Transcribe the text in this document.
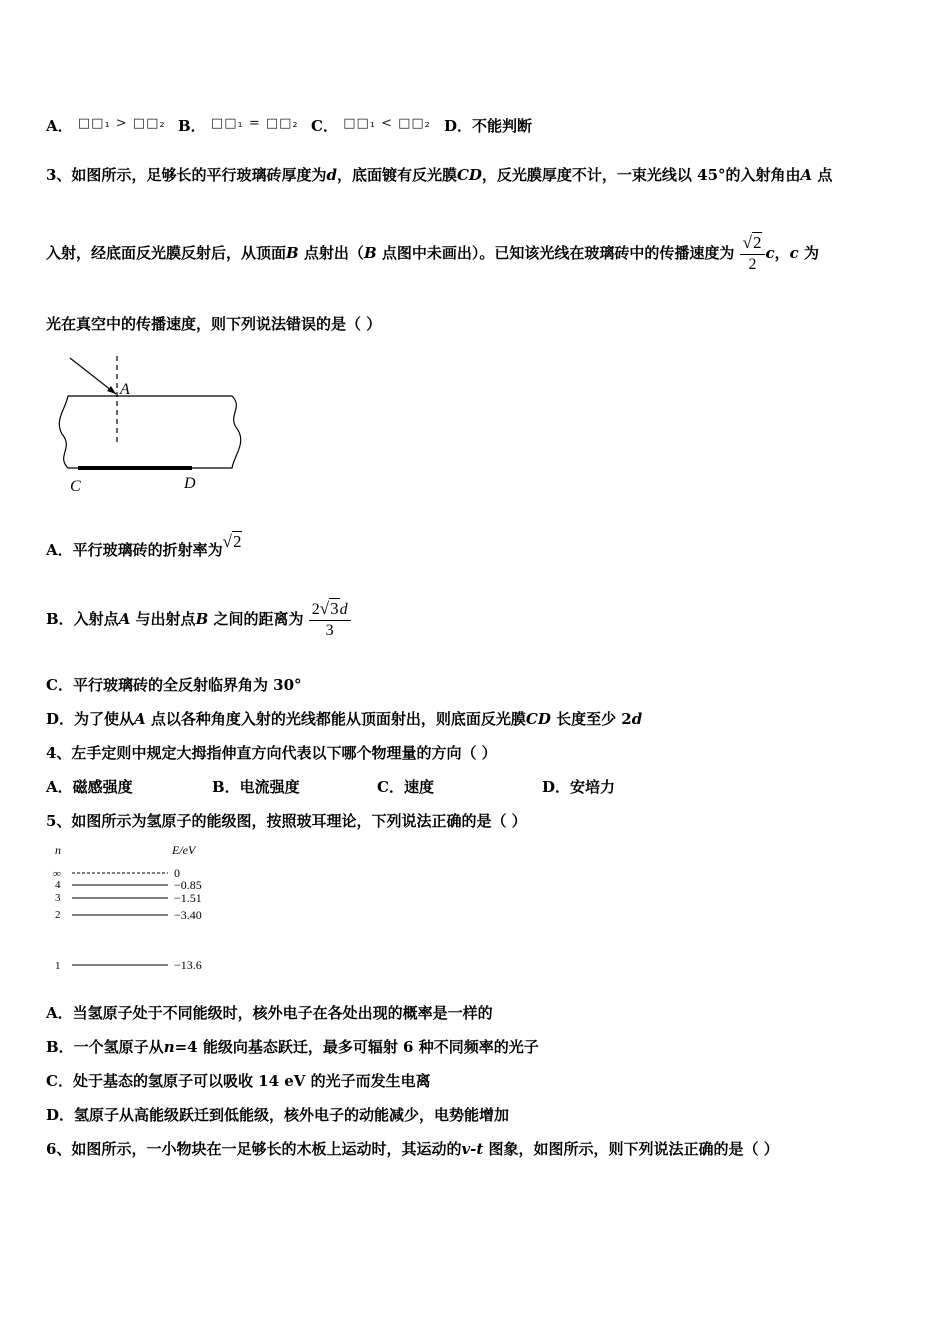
A． □□₁ > □□₂ B． □□₁ = □□₂ C． □□₁ < □□₂ D．不能判断
3、如图所示，足够长的平行玻璃砖厚度为d，底面镀有反光膜CD，反光膜厚度不计，一束光线以 45°的入射角由A 点
入射，经底面反光膜反射后，从顶面B 点射出（B 点图中未画出）。已知该光线在玻璃砖中的传播速度为 $\frac{√2}{2}$ c，c 为
光在真空中的传播速度，则下列说法错误的是（ ）
A
C	D
A．平行玻璃砖的折射率为√2
B．入射点A 与出射点B 之间的距离为 $\frac{2√3d}{3}$
C．平行玻璃砖的全反射临界角为 30°
D．为了使从A 点以各种角度入射的光线都能从顶面射出，则底面反光膜CD 长度至少 2d
4、左手定则中规定大拇指伸直方向代表以下哪个物理量的方向（ ）
A．磁感强度	B．电流强度	C．速度	D．安培力
5、如图所示为氢原子的能级图，按照玻耳理论，下列说法正确的是（ ）
n	E/eV
∞	0
4	−0.85
3	−1.51
2	−3.40
1	−13.6
A．当氢原子处于不同能级时，核外电子在各处出现的概率是一样的
B．一个氢原子从n=4 能级向基态跃迁，最多可辐射 6 种不同频率的光子
C．处于基态的氢原子可以吸收 14 eV 的光子而发生电离
D．氢原子从高能级跃迁到低能级，核外电子的动能减少，电势能增加
6、如图所示，一小物块在一足够长的木板上运动时，其运动的v-t 图象，如图所示，则下列说法正确的是（ ）
